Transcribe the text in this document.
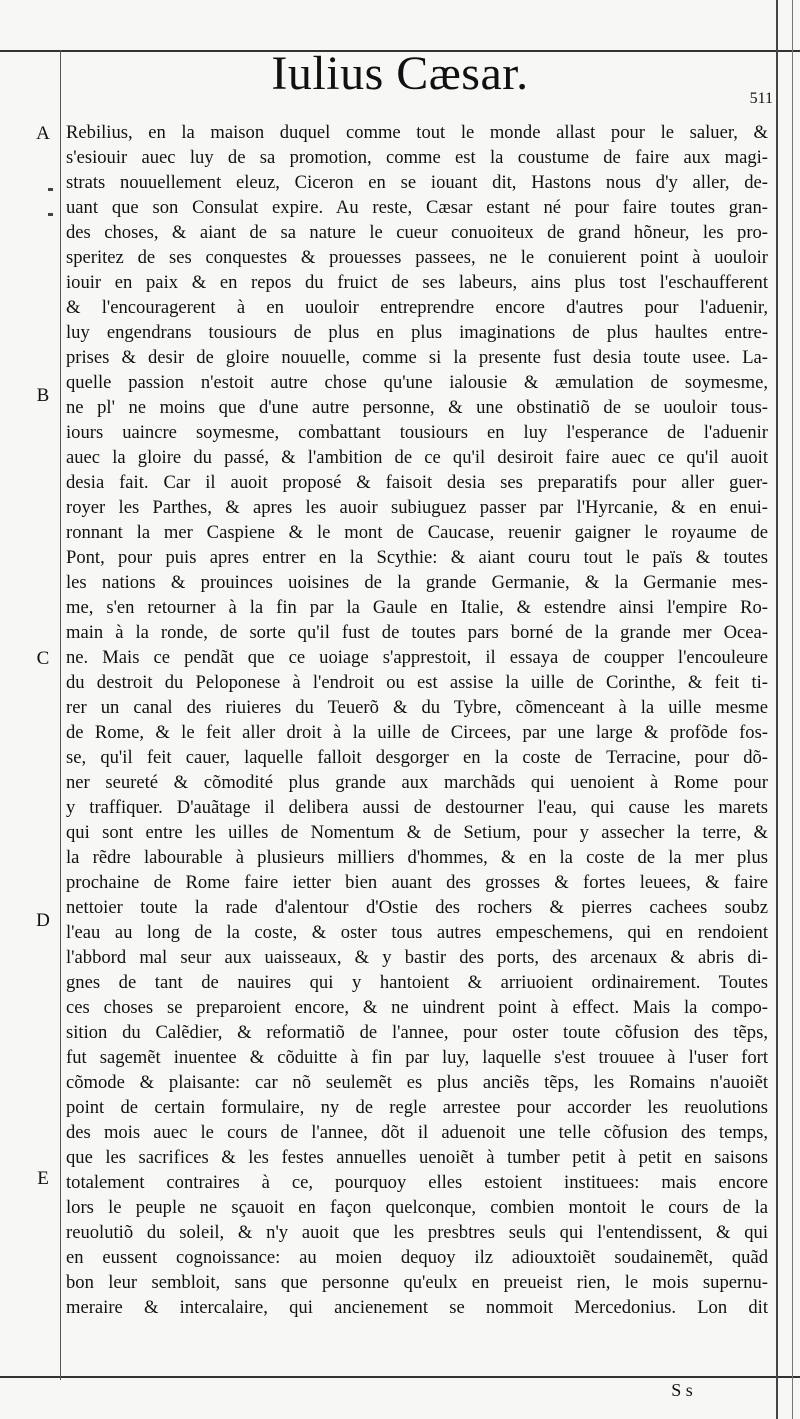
Iulius Cæsar.	511
A
B
C
D
E
Rebilius, en la maison duquel comme tout le monde allast pour le saluer, &
s'esiouir auec luy de sa promotion, comme est la coustume de faire aux magi-
strats nouuellement eleuz, Ciceron en se iouant dit, Hastons nous d'y aller, de-
uant que son Consulat expire. Au reste, Cæsar estant né pour faire toutes gran-
des choses, & aiant de sa nature le cueur conuoiteux de grand hõneur, les pro-
speritez de ses conquestes & prouesses passees, ne le conuierent point à uouloir
iouir en paix & en repos du fruict de ses labeurs, ains plus tost l'eschaufferent
& l'encouragerent à en uouloir entreprendre encore d'autres pour l'aduenir,
luy engendrans tousiours de plus en plus imaginations de plus haultes entre-
prises & desir de gloire nouuelle, comme si la presente fust desia toute usee. La-
quelle passion n'estoit autre chose qu'une ialousie & æmulation de soymesme,
ne pl' ne moins que d'une autre personne, & une obstinatiõ de se uouloir tous-
iours uaincre soymesme, combattant tousiours en luy l'esperance de l'aduenir
auec la gloire du passé, & l'ambition de ce qu'il desiroit faire auec ce qu'il auoit
desia fait. Car il auoit proposé & faisoit desia ses preparatifs pour aller guer-
royer les Parthes, & apres les auoir subiuguez passer par l'Hyrcanie, & en enui-
ronnant la mer Caspiene & le mont de Caucase, reuenir gaigner le royaume de
Pont, pour puis apres entrer en la Scythie: & aiant couru tout le païs & toutes
les nations & prouinces uoisines de la grande Germanie, & la Germanie mes-
me, s'en retourner à la fin par la Gaule en Italie, & estendre ainsi l'empire Ro-
main à la ronde, de sorte qu'il fust de toutes pars borné de la grande mer Ocea-
ne. Mais ce pendãt que ce uoiage s'apprestoit, il essaya de coupper l'encouleure
du destroit du Peloponese à l'endroit ou est assise la uille de Corinthe, & feit ti-
rer un canal des riuieres du Teuerõ & du Tybre, cõmenceant à la uille mesme
de Rome, & le feit aller droit à la uille de Circees, par une large & profõde fos-
se, qu'il feit cauer, laquelle falloit desgorger en la coste de Terracine, pour dõ-
ner seureté & cõmodité plus grande aux marchãds qui uenoient à Rome pour
y traffiquer. D'auãtage il delibera aussi de destourner l'eau, qui cause les marets
qui sont entre les uilles de Nomentum & de Setium, pour y assecher la terre, &
la rẽdre labourable à plusieurs milliers d'hommes, & en la coste de la mer plus
prochaine de Rome faire ietter bien auant des grosses & fortes leuees, & faire
nettoier toute la rade d'alentour d'Ostie des rochers & pierres cachees soubz
l'eau au long de la coste, & oster tous autres empeschemens, qui en rendoient
l'abbord mal seur aux uaisseaux, & y bastir des ports, des arcenaux & abris di-
gnes de tant de nauires qui y hantoient & arriuoient ordinairement. Toutes
ces choses se preparoient encore, & ne uindrent point à effect. Mais la compo-
sition du Calẽdier, & reformatiõ de l'annee, pour oster toute cõfusion des tẽps,
fut sagemẽt inuentee & cõduitte à fin par luy, laquelle s'est trouuee à l'user fort
cõmode & plaisante: car nõ seulemẽt es plus anciẽs tẽps, les Romains n'auoiẽt
point de certain formulaire, ny de regle arrestee pour accorder les reuolutions
des mois auec le cours de l'annee, dõt il aduenoit une telle cõfusion des temps,
que les sacrifices & les festes annuelles uenoiẽt à tumber petit à petit en saisons
totalement contraires à ce, pourquoy elles estoient instituees: mais encore
lors le peuple ne sçauoit en façon quelconque, combien montoit le cours de la
reuolutiõ du soleil, & n'y auoit que les presbtres seuls qui l'entendissent, & qui
en eussent cognoissance: au moien dequoy ilz adiouxtoiẽt soudainemẽt, quãd
bon leur sembloit, sans que personne qu'eulx en preueist rien, le mois supernu-
meraire & intercalaire, qui ancienement se nommoit Mercedonius. Lon dit
S s
